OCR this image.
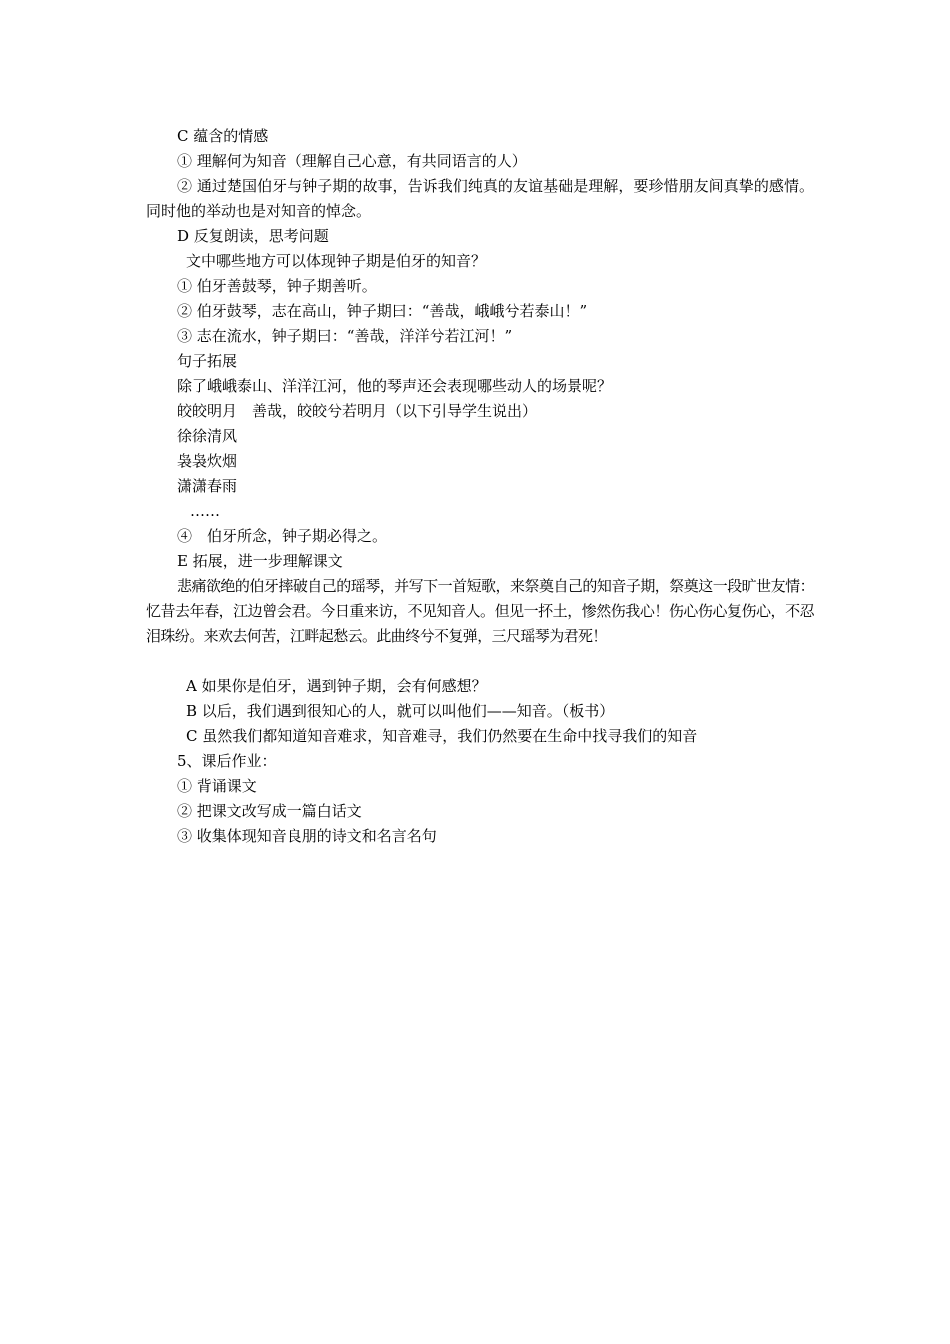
C 蕴含的情感

① 理解何为知音（理解自己心意，有共同语言的人）

② 通过楚国伯牙与钟子期的故事，告诉我们纯真的友谊基础是理解，要珍惜朋友间真挚的感情。同时他的举动也是对知音的悼念。

D 反复朗读，思考问题

文中哪些地方可以体现钟子期是伯牙的知音？

① 伯牙善鼓琴，钟子期善听。

② 伯牙鼓琴，志在高山，钟子期曰：“善哉，峨峨兮若泰山！”

③ 志在流水，钟子期曰：“善哉，洋洋兮若江河！”

句子拓展

除了峨峨泰山、洋洋江河，他的琴声还会表现哪些动人的场景呢？

皎皎明月　善哉，皎皎兮若明月（以下引导学生说出）

徐徐清风

袅袅炊烟

潇潇春雨

……

④　伯牙所念，钟子期必得之。

E 拓展，进一步理解课文

悲痛欲绝的伯牙摔破自己的瑶琴，并写下一首短歌，来祭奠自己的知音子期，祭奠这一段旷世友情：忆昔去年春，江边曾会君。今日重来访，不见知音人。但见一抔土，惨然伤我心！伤心伤心复伤心，不忍泪珠纷。来欢去何苦，江畔起愁云。此曲终兮不复弹，三尺瑶琴为君死！

A 如果你是伯牙，遇到钟子期，会有何感想？

B 以后，我们遇到很知心的人，就可以叫他们——知音。（板书）

C 虽然我们都知道知音难求，知音难寻，我们仍然要在生命中找寻我们的知音

5、课后作业：

① 背诵课文

② 把课文改写成一篇白话文

③ 收集体现知音良朋的诗文和名言名句
